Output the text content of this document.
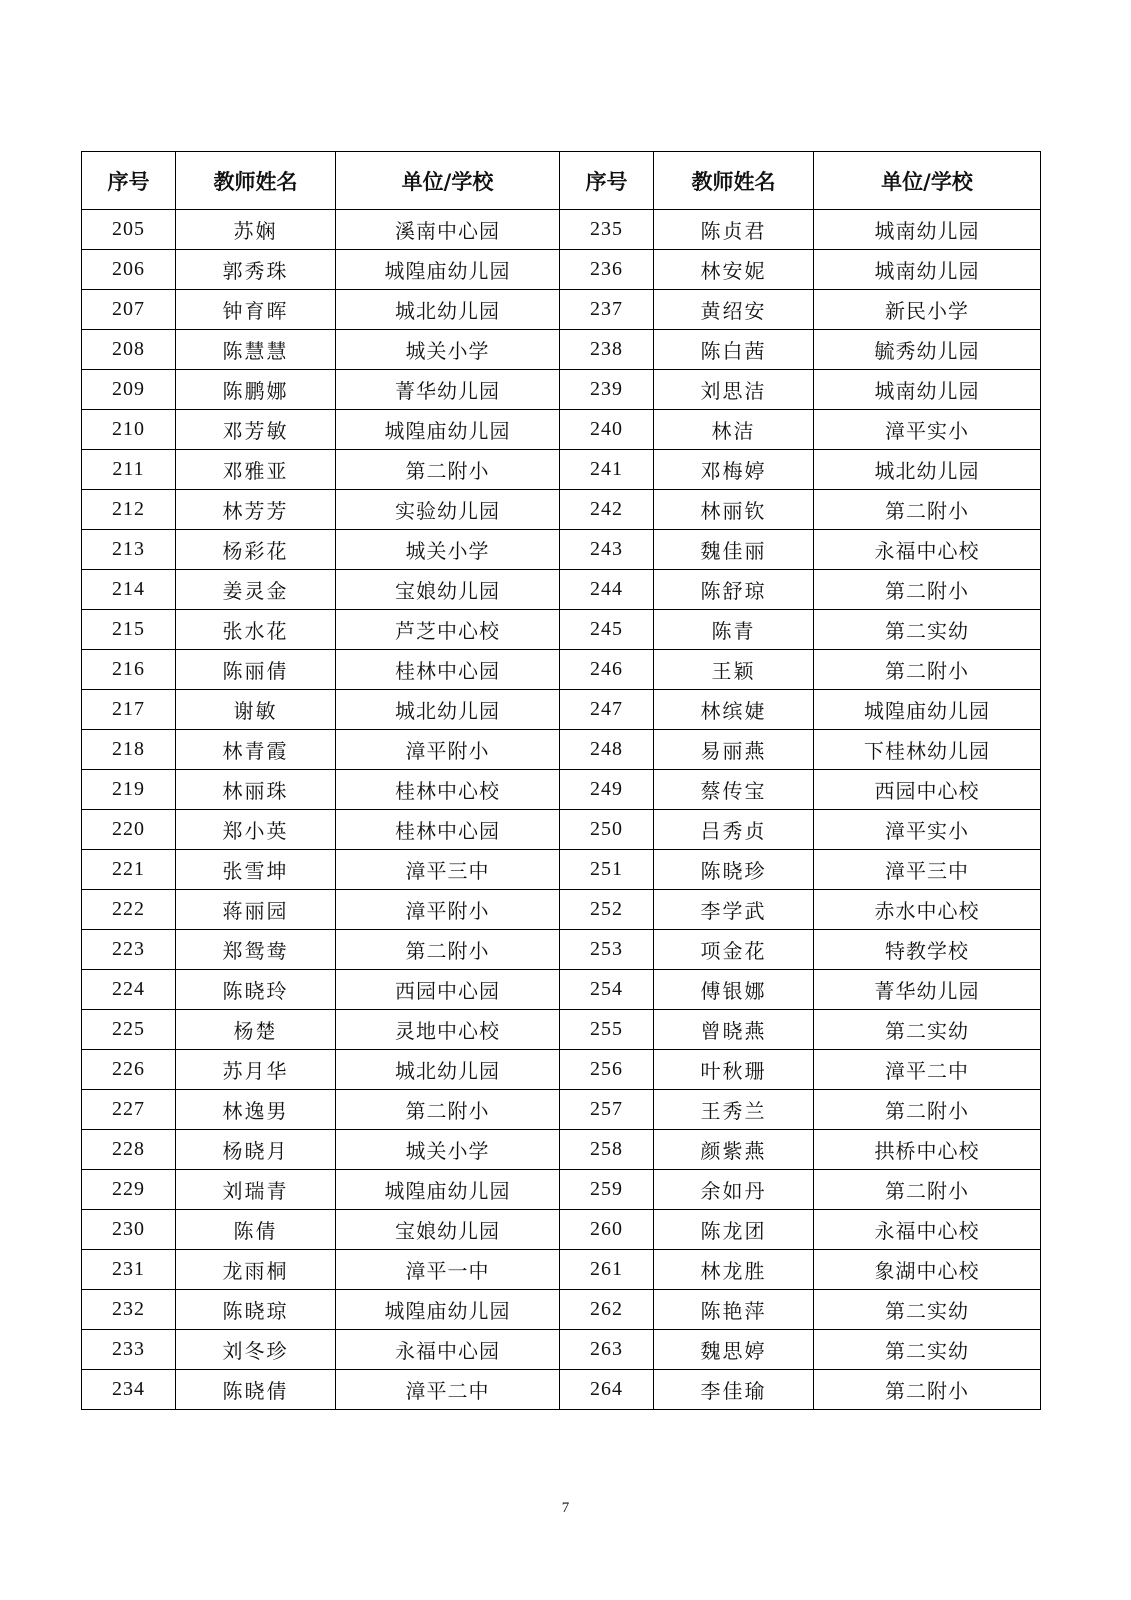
序号	教师姓名	单位/学校	序号	教师姓名	单位/学校
205	苏娴	溪南中心园	235	陈贞君	城南幼儿园
206	郭秀珠	城隍庙幼儿园	236	林安妮	城南幼儿园
207	钟育晖	城北幼儿园	237	黄绍安	新民小学
208	陈慧慧	城关小学	238	陈白茜	毓秀幼儿园
209	陈鹏娜	菁华幼儿园	239	刘思洁	城南幼儿园
210	邓芳敏	城隍庙幼儿园	240	林洁	漳平实小
211	邓雅亚	第二附小	241	邓梅婷	城北幼儿园
212	林芳芳	实验幼儿园	242	林丽钦	第二附小
213	杨彩花	城关小学	243	魏佳丽	永福中心校
214	姜灵金	宝娘幼儿园	244	陈舒琼	第二附小
215	张水花	芦芝中心校	245	陈青	第二实幼
216	陈丽倩	桂林中心园	246	王颖	第二附小
217	谢敏	城北幼儿园	247	林缤婕	城隍庙幼儿园
218	林青霞	漳平附小	248	易丽燕	下桂林幼儿园
219	林丽珠	桂林中心校	249	蔡传宝	西园中心校
220	郑小英	桂林中心园	250	吕秀贞	漳平实小
221	张雪坤	漳平三中	251	陈晓珍	漳平三中
222	蒋丽园	漳平附小	252	李学武	赤水中心校
223	郑鸳鸯	第二附小	253	项金花	特教学校
224	陈晓玲	西园中心园	254	傅银娜	菁华幼儿园
225	杨楚	灵地中心校	255	曾晓燕	第二实幼
226	苏月华	城北幼儿园	256	叶秋珊	漳平二中
227	林逸男	第二附小	257	王秀兰	第二附小
228	杨晓月	城关小学	258	颜紫燕	拱桥中心校
229	刘瑞青	城隍庙幼儿园	259	余如丹	第二附小
230	陈倩	宝娘幼儿园	260	陈龙团	永福中心校
231	龙雨桐	漳平一中	261	林龙胜	象湖中心校
232	陈晓琼	城隍庙幼儿园	262	陈艳萍	第二实幼
233	刘冬珍	永福中心园	263	魏思婷	第二实幼
234	陈晓倩	漳平二中	264	李佳瑜	第二附小
7
